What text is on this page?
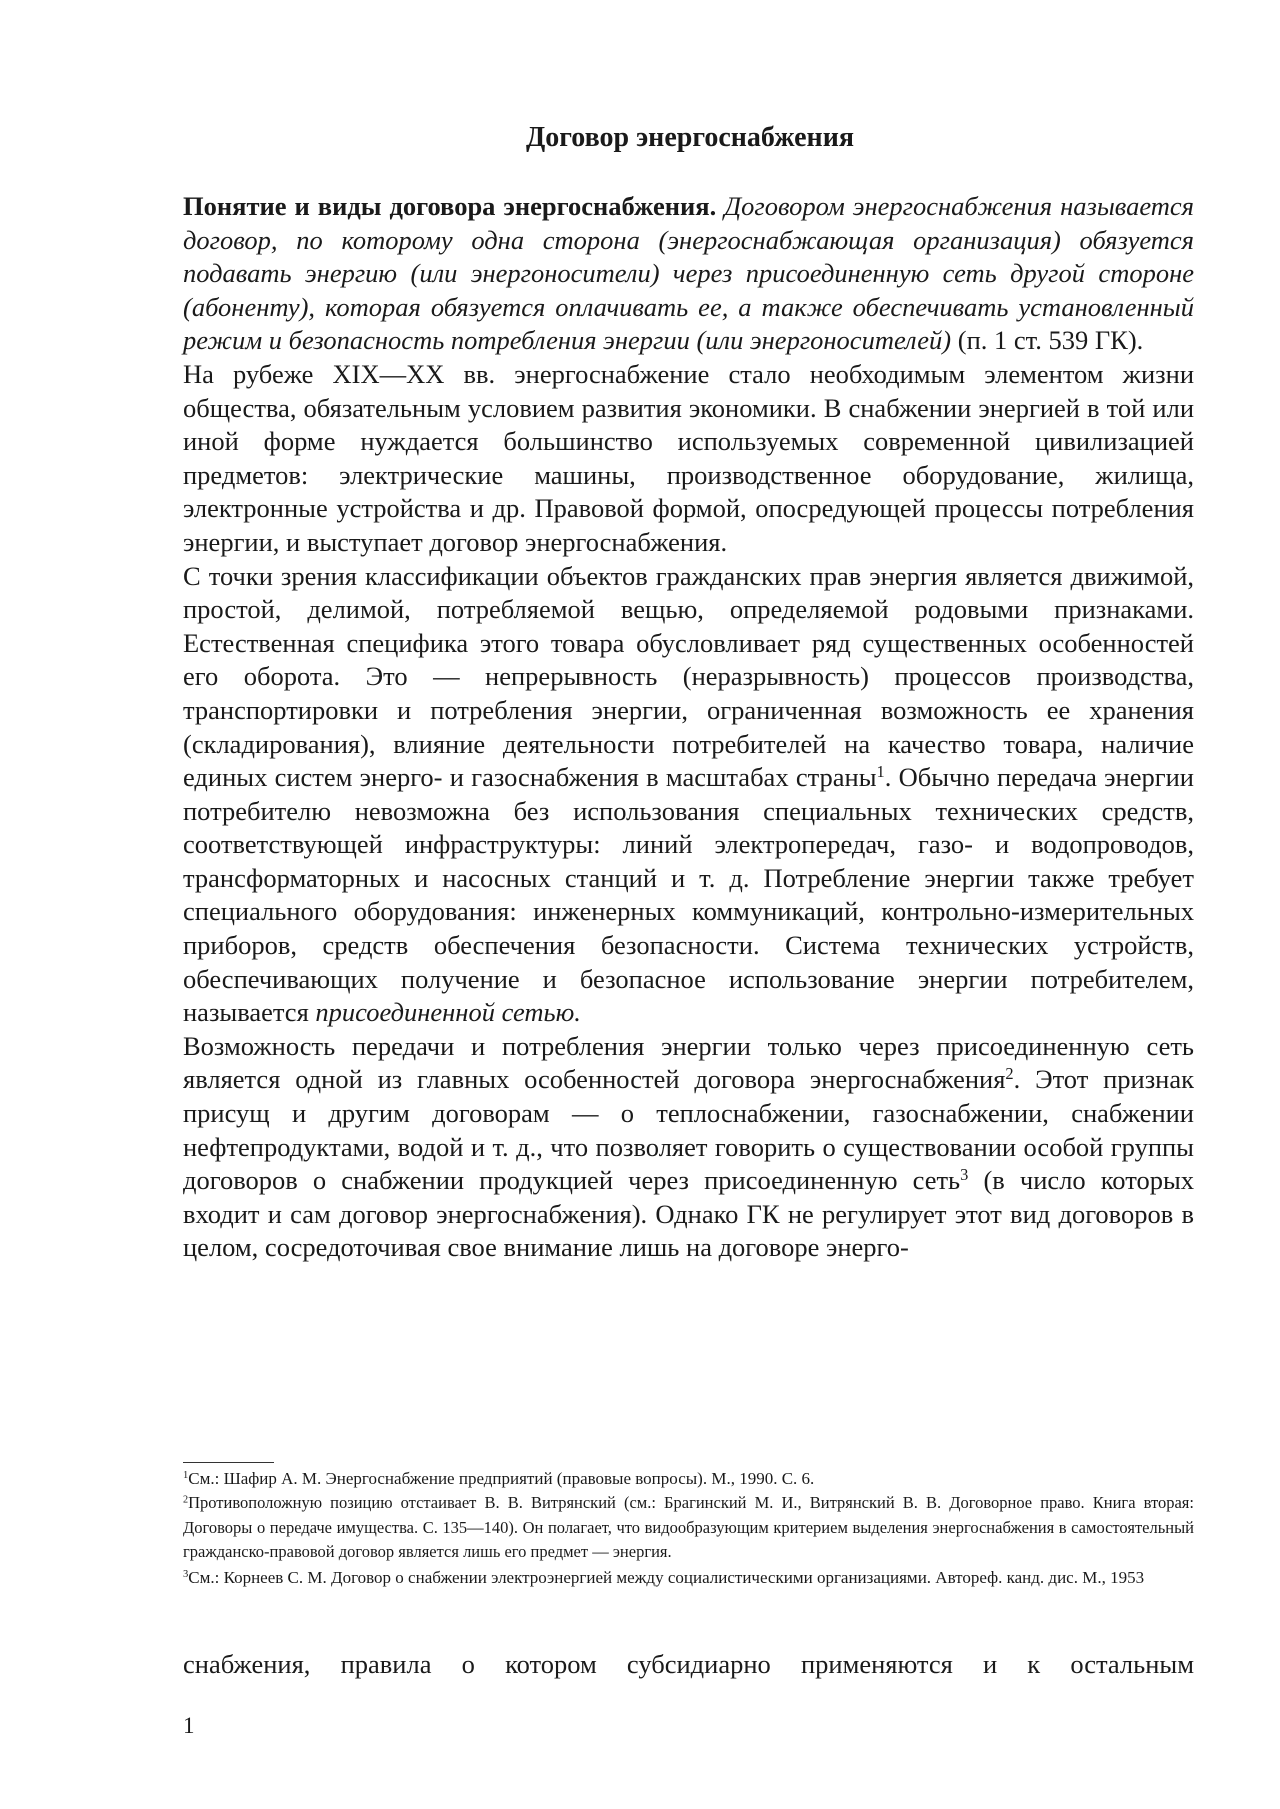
Договор энергоснабжения

Понятие и виды договора энергоснабжения. Договором энергоснабжения называется договор, по которому одна сторона (энергоснабжающая организация) обязуется подавать энергию (или энергоносители) через присоединенную сеть другой стороне (абоненту), которая обязуется оплачивать ее, а также обеспечивать установленный режим и безопасность потребления энергии (или энергоносителей) (п. 1 ст. 539 ГК).

На рубеже XIX—XX вв. энергоснабжение стало необходимым элементом жизни общества, обязательным условием развития экономики. В снабжении энергией в той или иной форме нуждается большинство используемых современной цивилизацией предметов: электрические машины, производственное оборудование, жилища, электронные устройства и др. Правовой формой, опосредующей процессы потребления энергии, и выступает договор энергоснабжения.

С точки зрения классификации объектов гражданских прав энергия является движимой, простой, делимой, потребляемой вещью, определяемой родовыми признаками. Естественная специфика этого товара обусловливает ряд существенных особенностей его оборота. Это — непрерывность (неразрывность) процессов производства, транспортировки и потребления энергии, ограниченная возможность ее хранения (складирования), влияние деятельности потребителей на качество товара, наличие единых систем энерго- и газоснабжения в масштабах страны$^1$. Обычно передача энергии потребителю невозможна без использования специальных технических средств, соответствующей инфраструктуры: линий электропередач, газо- и водопроводов, трансформаторных и насосных станций и т. д. Потребление энергии также требует специального оборудования: инженерных коммуникаций, контрольно-измерительных приборов, средств обеспечения безопасности. Система технических устройств, обеспечивающих получение и безопасное использование энергии потребителем, называется присоединенной сетью.

Возможность передачи и потребления энергии только через присоединенную сеть является одной из главных особенностей договора энергоснабжения$^2$. Этот признак присущ и другим договорам — о теплоснабжении, газоснабжении, снабжении нефтепродуктами, водой и т. д., что позволяет говорить о существовании особой группы договоров о снабжении продукцией через присоединенную сеть$^3$ (в число которых входит и сам договор энергоснабжения). Однако ГК не регулирует этот вид договоров в целом, сосредоточивая свое внимание лишь на договоре энерго-

$^1$См.: Шафир А. М. Энергоснабжение предприятий (правовые вопросы). М., 1990. С. 6.

$^2$Противоположную позицию отстаивает В. В. Витрянский (см.: Брагинский М. И., Витрянский В. В. Договорное право. Книга вторая: Договоры о передаче имущества. С. 135—140). Он полагает, что видообразующим критерием выделения энергоснабжения в самостоятельный гражданско-правовой договор является лишь его предмет — энергия.

$^3$См.: Корнеев С. М. Договор о снабжении электроэнергией между социалистическими организациями. Автореф. канд. дис. М., 1953

снабжения, правила о котором субсидиарно применяются и к остальным

1
